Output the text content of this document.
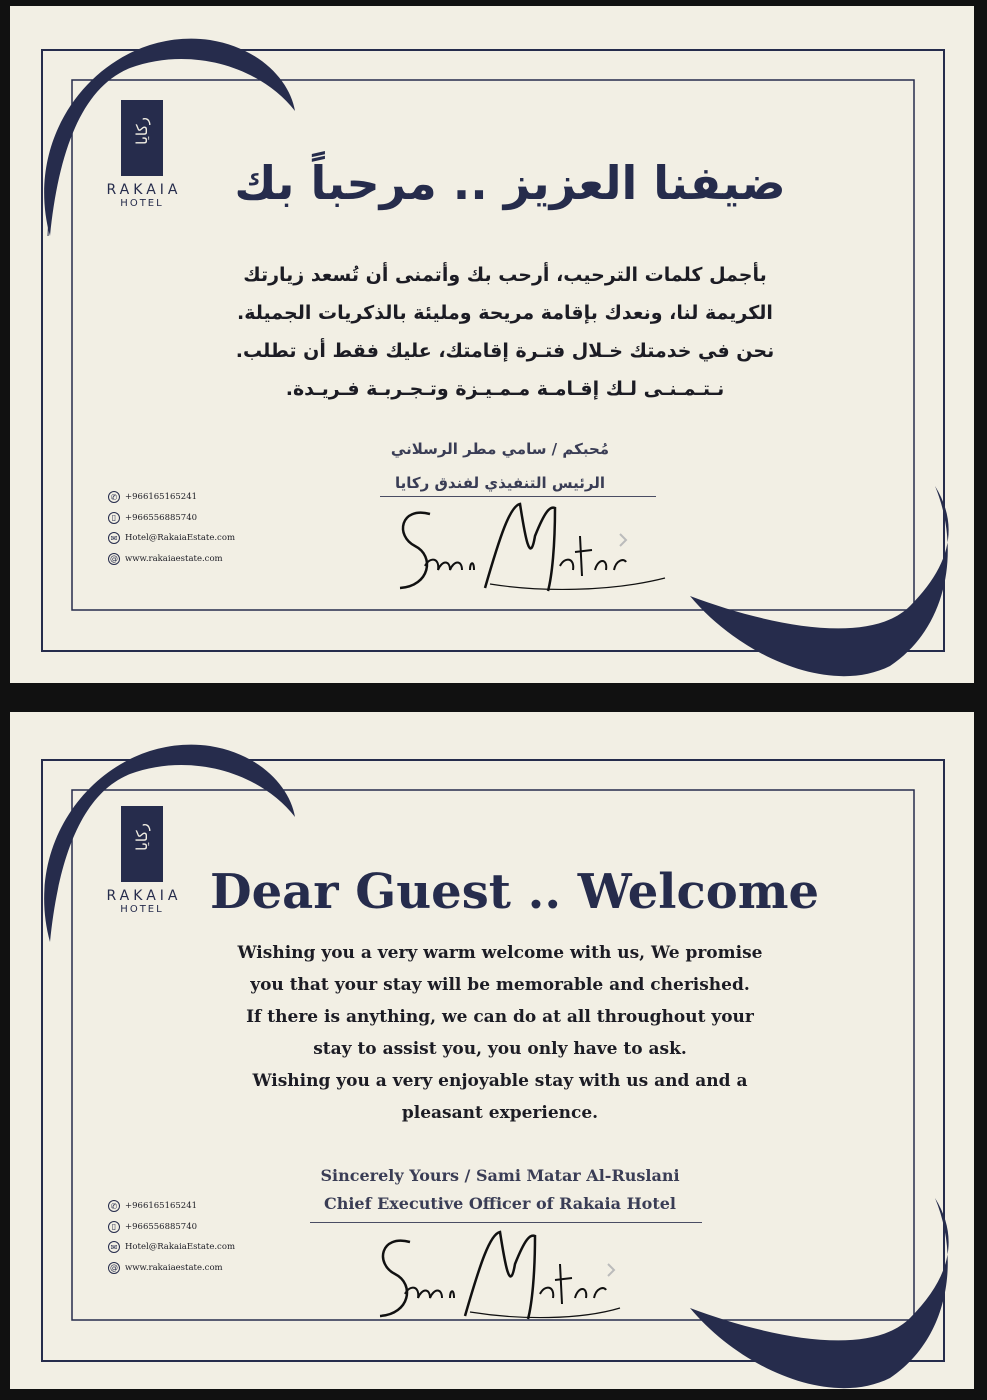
ركايا
RAKAIA
HOTEL	ضيفنا العزيز .. مرحباً بك
بأجمل كلمات الترحيب، أرحب بك وأتمنى أن تُسعد زيارتك
الكريمة لنا، ونعدك بإقامة مريحة ومليئة بالذكريات الجميلة.
نحن في خدمتك خـلال فتـرة إقامتك، عليك فقط أن تطلب.
نـتـمـنـى لـك إقـامـة مـمـيـزة وتـجـربـة فـريـدة.
مُحبكم / سامي مطر الرسلاني
الرئيس التنفيذي لفندق ركايا
✆ +966165165241
▯	+966556885740
✉ Hotel@RakaiaEstate.com
@ www.rakaiaestate.com
ركايا
RAKAIA
HOTEL Dear Guest .. Welcome
Wishing you a very warm welcome with us, We promise
you that your stay will be memorable and cherished.
If there is anything, we can do at all throughout your
stay to assist you, you only have to ask.
Wishing you a very enjoyable stay with us and and a
pleasant experience.
Sincerely Yours / Sami Matar Al-Ruslani
Chief Executive Officer of Rakaia Hotel
✆ +966165165241
▯	+966556885740
✉ Hotel@RakaiaEstate.com
@ www.rakaiaestate.com
